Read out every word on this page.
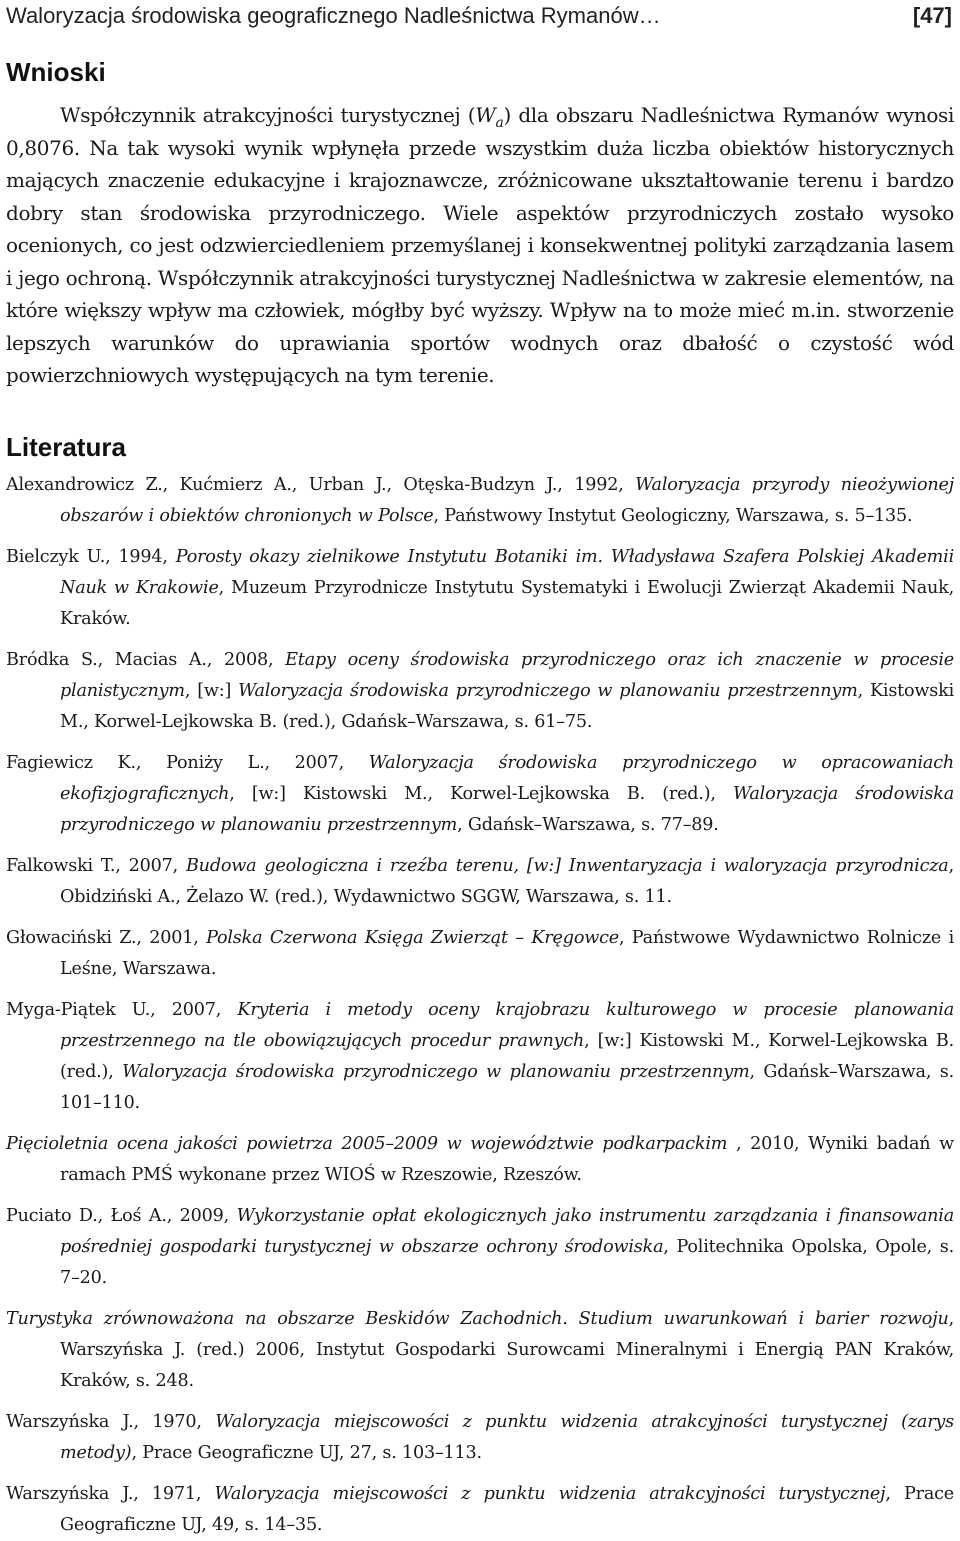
Waloryzacja środowiska geograficznego Nadleśnictwa Rymanów…	[47]
Wnioski

Współczynnik atrakcyjności turystycznej $(W_a)$ dla obszaru Nadleśnictwa Rymanów wynosi 0,8076. Na tak wysoki wynik wpłynęła przede wszystkim duża liczba obiektów historycznych mających znaczenie edukacyjne i krajoznawcze, zróżnicowane ukształtowanie terenu i bardzo dobry stan środowiska przyrodniczego. Wiele aspektów przyrodniczych zostało wysoko ocenionych, co jest odzwierciedleniem przemyślanej i konsekwentnej polityki zarządzania lasem i jego ochroną. Współczynnik atrakcyjności turystycznej Nadleśnictwa w zakresie elementów, na które większy wpływ ma człowiek, mógłby być wyższy. Wpływ na to może mieć m.in. stworzenie lepszych warunków do uprawiania sportów wodnych oraz dbałość o czystość wód powierzchniowych występujących na tym terenie.

Literatura
Alexandrowicz Z., Kućmierz A., Urban J., Otęska-Budzyn J., 1992, Waloryzacja przyrody nieożywionej obszarów i obiektów chronionych w Polsce, Państwowy Instytut Geologiczny, Warszawa, s. 5–135.
Bielczyk U., 1994, Porosty okazy zielnikowe Instytutu Botaniki im. Władysława Szafera Polskiej Akademii Nauk w Krakowie, Muzeum Przyrodnicze Instytutu Systematyki i Ewolucji Zwierząt Akademii Nauk, Kraków.
Bródka S., Macias A., 2008, Etapy oceny środowiska przyrodniczego oraz ich znaczenie w procesie planistycznym, [w:] Waloryzacja środowiska przyrodniczego w planowaniu przestrzennym, Kistowski M., Korwel-Lejkowska B. (red.), Gdańsk–Warszawa, s. 61–75.
Fagiewicz K., Poniży L., 2007, Waloryzacja środowiska przyrodniczego w opracowaniach ekofizjograficznych, [w:] Kistowski M., Korwel-Lejkowska B. (red.), Waloryzacja środowiska przyrodniczego w planowaniu przestrzennym, Gdańsk–Warszawa, s. 77–89.
Falkowski T., 2007, Budowa geologiczna i rzeźba terenu, [w:] Inwentaryzacja i waloryzacja przyrodnicza, Obidziński A., Żelazo W. (red.), Wydawnictwo SGGW, Warszawa, s. 11.
Głowaciński Z., 2001, Polska Czerwona Księga Zwierząt – Kręgowce, Państwowe Wydawnictwo Rolnicze i Leśne, Warszawa.
Myga-Piątek U., 2007, Kryteria i metody oceny krajobrazu kulturowego w procesie planowania przestrzennego na tle obowiązujących procedur prawnych, [w:] Kistowski M., Korwel-Lejkowska B. (red.), Waloryzacja środowiska przyrodniczego w planowaniu przestrzennym, Gdańsk–Warszawa, s. 101–110.
Pięcioletnia ocena jakości powietrza 2005–2009 w województwie podkarpackim , 2010, Wyniki badań w ramach PMŚ wykonane przez WIOŚ w Rzeszowie, Rzeszów.
Puciato D., Łoś A., 2009, Wykorzystanie opłat ekologicznych jako instrumentu zarządzania i finansowania pośredniej gospodarki turystycznej w obszarze ochrony środowiska, Politechnika Opolska, Opole, s. 7–20.
Turystyka zrównoważona na obszarze Beskidów Zachodnich. Studium uwarunkowań i barier rozwoju, Warszyńska J. (red.) 2006, Instytut Gospodarki Surowcami Mineralnymi i Energią PAN Kraków, Kraków, s. 248.
Warszyńska J., 1970, Waloryzacja miejscowości z punktu widzenia atrakcyjności turystycznej (zarys metody), Prace Geograficzne UJ, 27, s. 103–113.
Warszyńska J., 1971, Waloryzacja miejscowości z punktu widzenia atrakcyjności turystycznej, Prace Geograficzne UJ, 49, s. 14–35.
